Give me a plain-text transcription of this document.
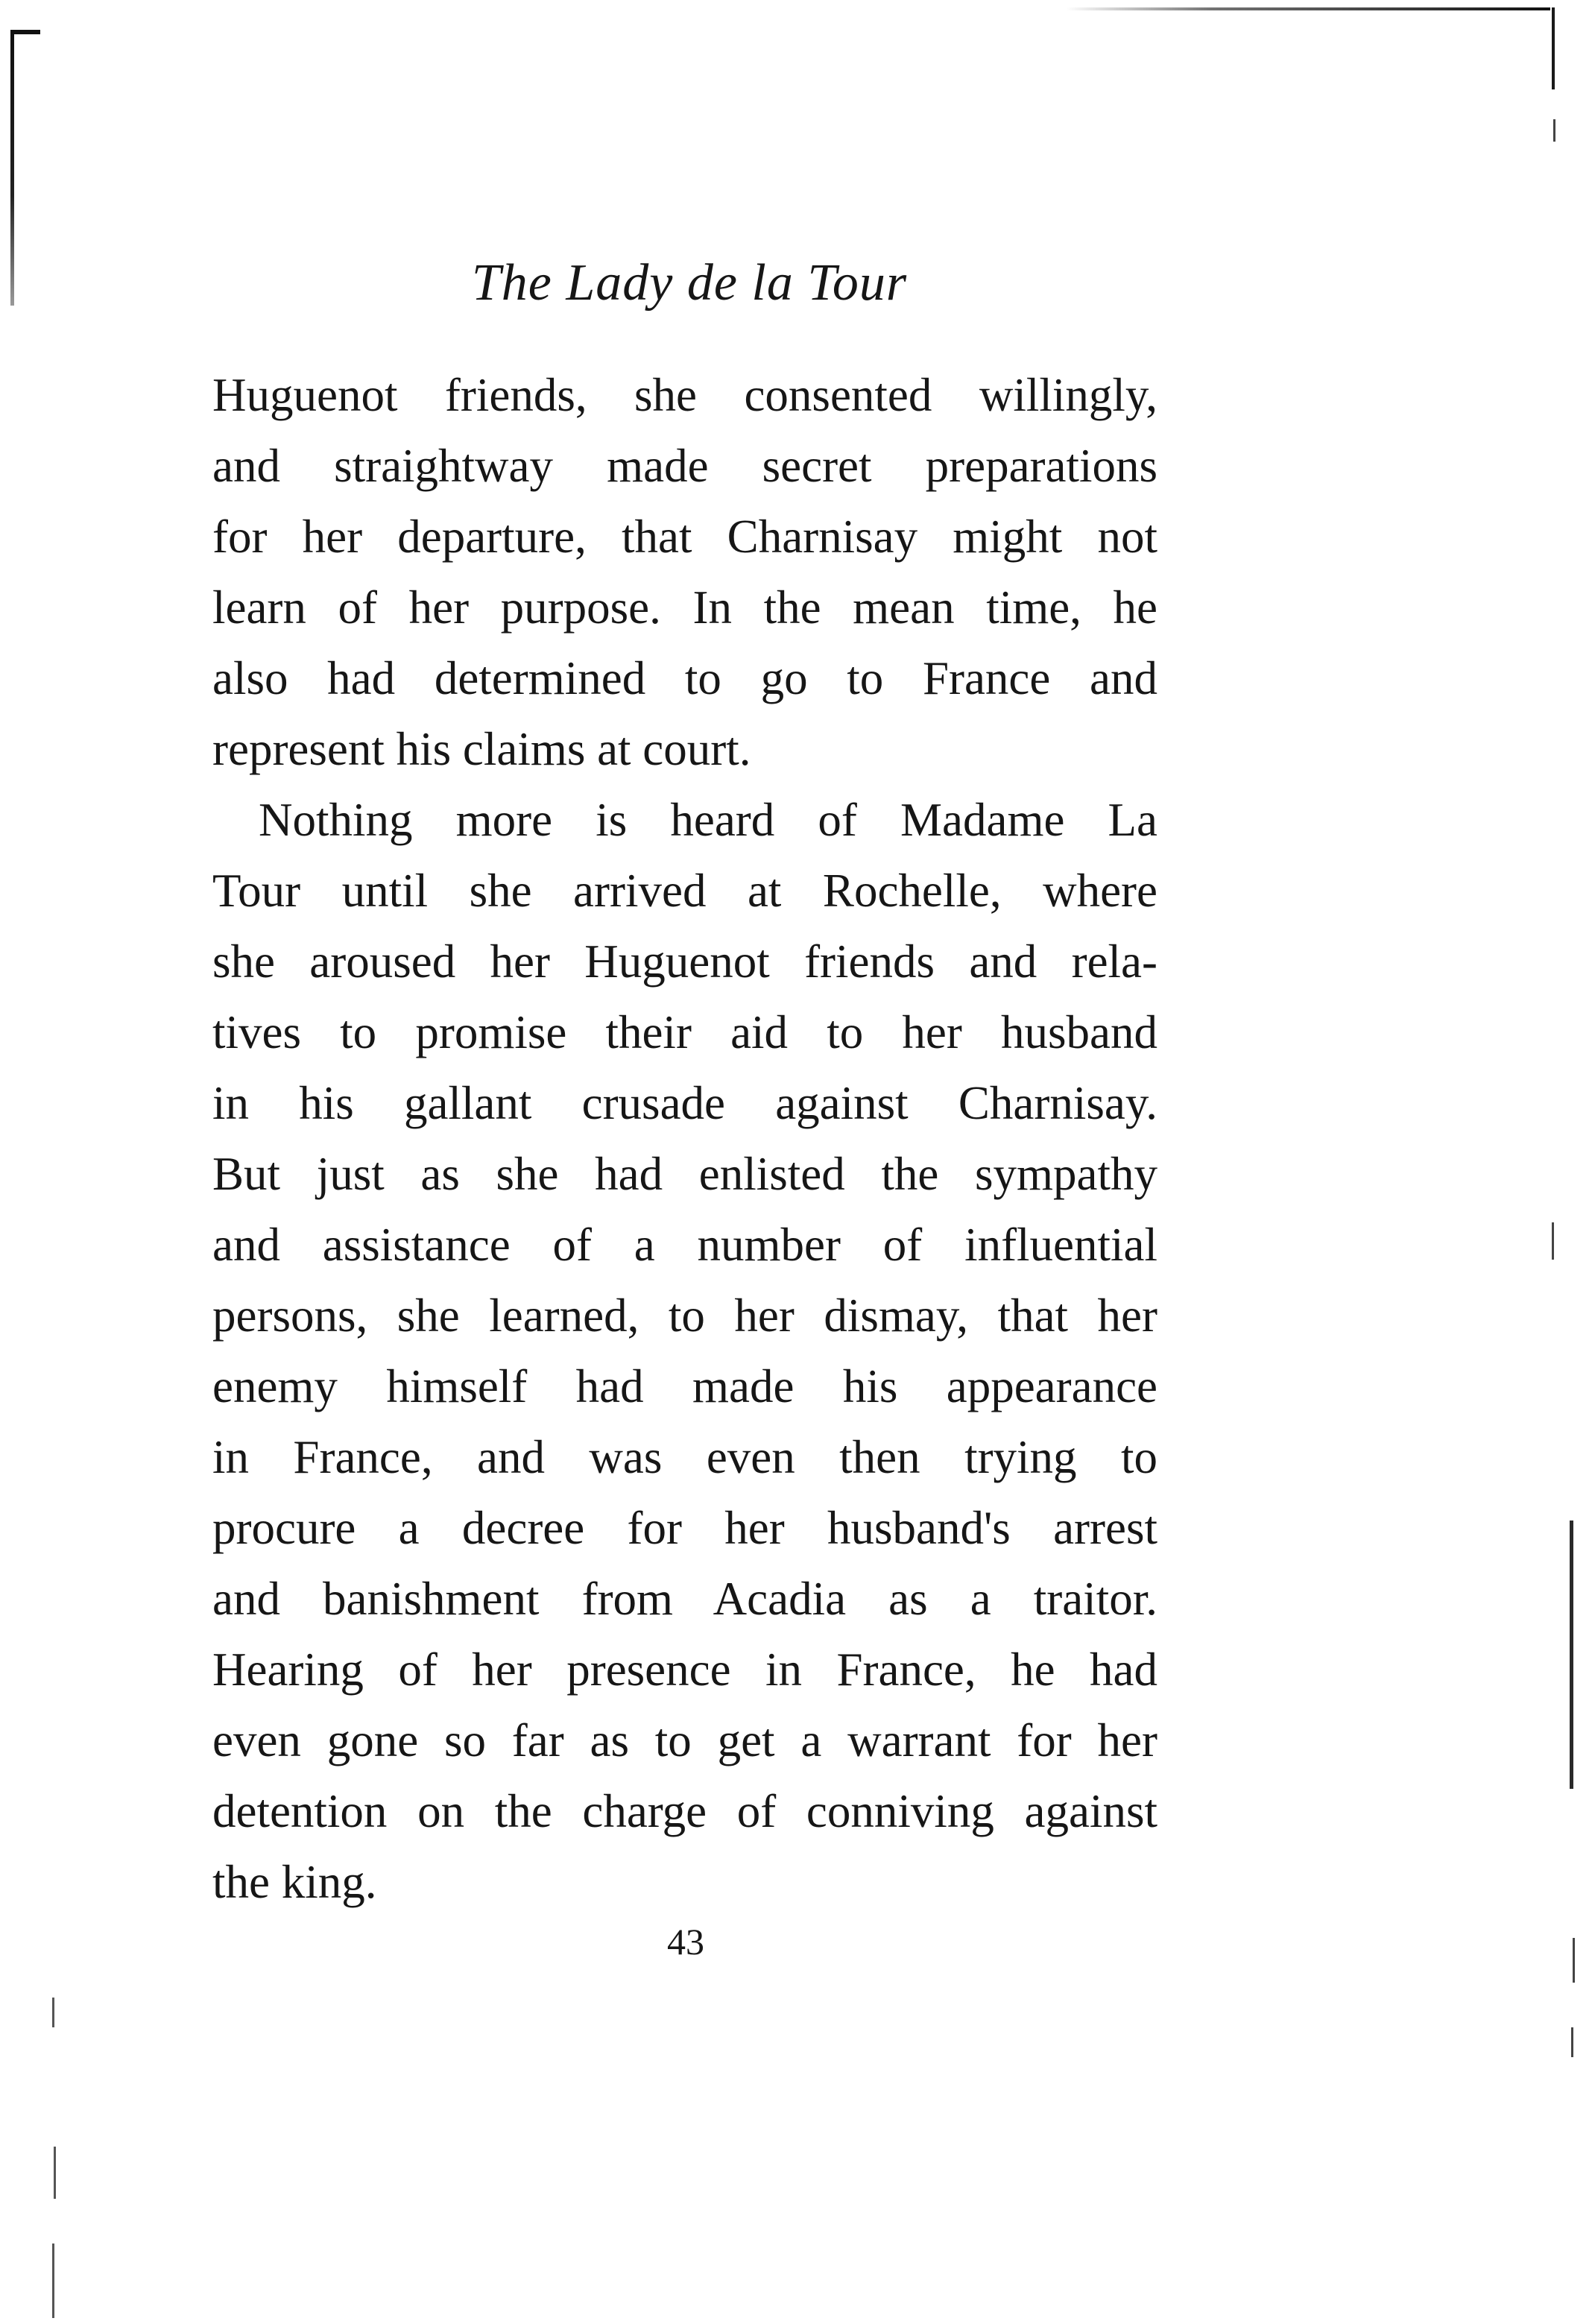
The Lady de la Tour
Huguenot friends, she consented willingly,
and straightway made secret preparations
for her departure, that Charnisay might not
learn of her purpose. In the mean time, he
also had determined to go to France and
represent his claims at court.
Nothing more is heard of Madame La
Tour until she arrived at Rochelle, where
she aroused her Huguenot friends and rela-
tives to promise their aid to her husband
in his gallant crusade against Charnisay.
But just as she had enlisted the sympathy
and assistance of a number of influential
persons, she learned, to her dismay, that her
enemy himself had made his appearance
in France, and was even then trying to
procure a decree for her husband's arrest
and banishment from Acadia as a traitor.
Hearing of her presence in France, he had
even gone so far as to get a warrant for her
detention on the charge of conniving against
the king.
43
